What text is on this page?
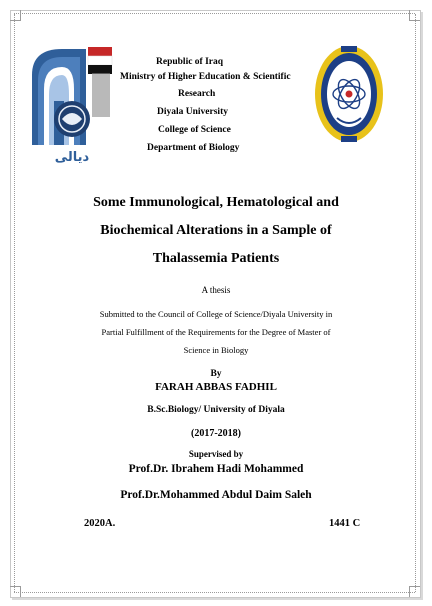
ديالى
Republic of Iraq
Ministry of Higher Education & Scientific
Research
Diyala University
College of Science
Department of Biology
Some Immunological, Hematological and
Biochemical Alterations in a Sample of
Thalassemia Patients
A thesis
Submitted to the Council of College of Science/Diyala University in
Partial Fulfillment of the Requirements for the Degree of Master of
Science in Biology
By
FARAH ABBAS FADHIL
B.Sc.Biology/ University of Diyala
(2017-2018)
Supervised by
Prof.Dr. Ibrahem Hadi Mohammed
Prof.Dr.Mohammed Abdul Daim Saleh
2020A.	1441 C
